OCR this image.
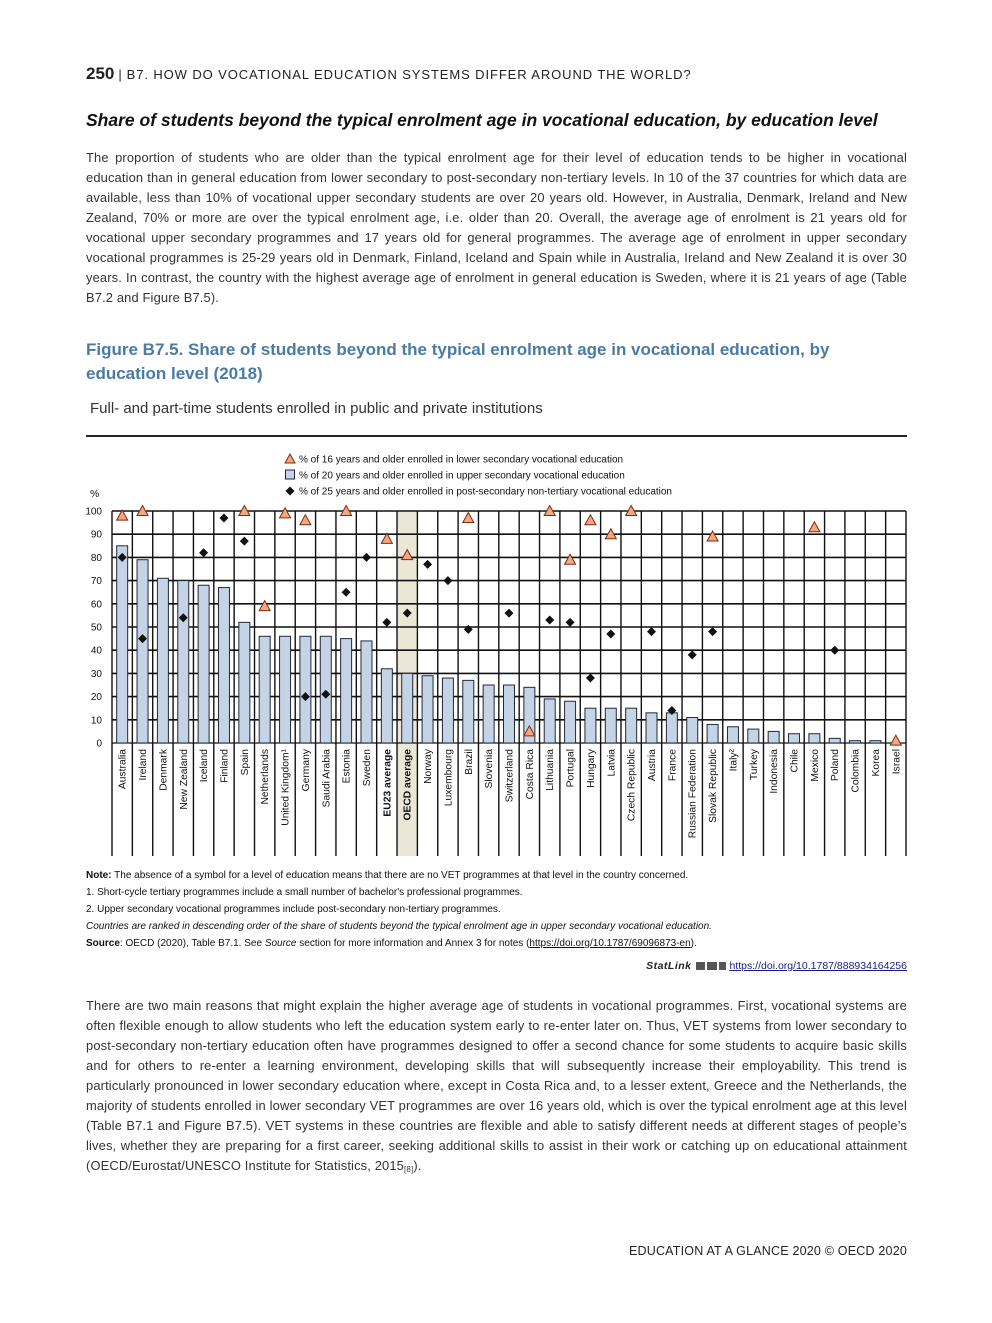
250 | B7. HOW DO VOCATIONAL EDUCATION SYSTEMS DIFFER AROUND THE WORLD?
Share of students beyond the typical enrolment age in vocational education, by education level
The proportion of students who are older than the typical enrolment age for their level of education tends to be higher in vocational education than in general education from lower secondary to post-secondary non-tertiary levels. In 10 of the 37 countries for which data are available, less than 10% of vocational upper secondary students are over 20 years old. However, in Australia, Denmark, Ireland and New Zealand, 70% or more are over the typical enrolment age, i.e. older than 20. Overall, the average age of enrolment is 21 years old for vocational upper secondary programmes and 17 years old for general programmes. The average age of enrolment in upper secondary vocational programmes is 25-29 years old in Denmark, Finland, Iceland and Spain while in Australia, Ireland and New Zealand it is over 30 years. In contrast, the country with the highest average age of enrolment in general education is Sweden, where it is 21 years of age (Table B7.2 and Figure B7.5).
Figure B7.5. Share of students beyond the typical enrolment age in vocational education, by education level (2018)
Full- and part-time students enrolled in public and private institutions
0
10
20
30
40
50
60
70
80
90
100
%
Australia Ireland Denmark New Zealand Iceland Finland Spain Netherlands United Kingdom¹ Germany Saudi Arabia Estonia Sweden EU23 average OECD average Norway Luxembourg Brazil Slovenia Switzerland Costa Rica Lithuania Portugal Hungary Latvia Czech Republic Austria France Russian Federation Slovak Republic Italy² Turkey Indonesia Chile Mexico Poland Colombia Korea Israel
% of 16 years and older enrolled in lower secondary vocational education
% of 20 years and older enrolled in upper secondary vocational education
% of 25 years and older enrolled in post-secondary non-tertiary vocational education
Note: The absence of a symbol for a level of education means that there are no VET programmes at that level in the country concerned.
1. Short-cycle tertiary programmes include a small number of bachelor's professional programmes.
2. Upper secondary vocational programmes include post-secondary non-tertiary programmes.
Countries are ranked in descending order of the share of students beyond the typical enrolment age in upper secondary vocational education.
Source: OECD (2020), Table B7.1. See Source section for more information and Annex 3 for notes (https://doi.org/10.1787/69096873-en).
StatLink	https://doi.org/10.1787/888934164256
There are two main reasons that might explain the higher average age of students in vocational programmes. First, vocational systems are often flexible enough to allow students who left the education system early to re-enter later on. Thus, VET systems from lower secondary to post-secondary non-tertiary education often have programmes designed to offer a second chance for some students to acquire basic skills and for others to re-enter a learning environment, developing skills that will subsequently increase their employability. This trend is particularly pronounced in lower secondary education where, except in Costa Rica and, to a lesser extent, Greece and the Netherlands, the majority of students enrolled in lower secondary VET programmes are over 16 years old, which is over the typical enrolment age at this level (Table B7.1 and Figure B7.5). VET systems in these countries are flexible and able to satisfy different needs at different stages of people’s lives, whether they are preparing for a first career, seeking additional skills to assist in their work or catching up on educational attainment (OECD/Eurostat/UNESCO Institute for Statistics, 2015[8]).
EDUCATION AT A GLANCE 2020 © OECD 2020
